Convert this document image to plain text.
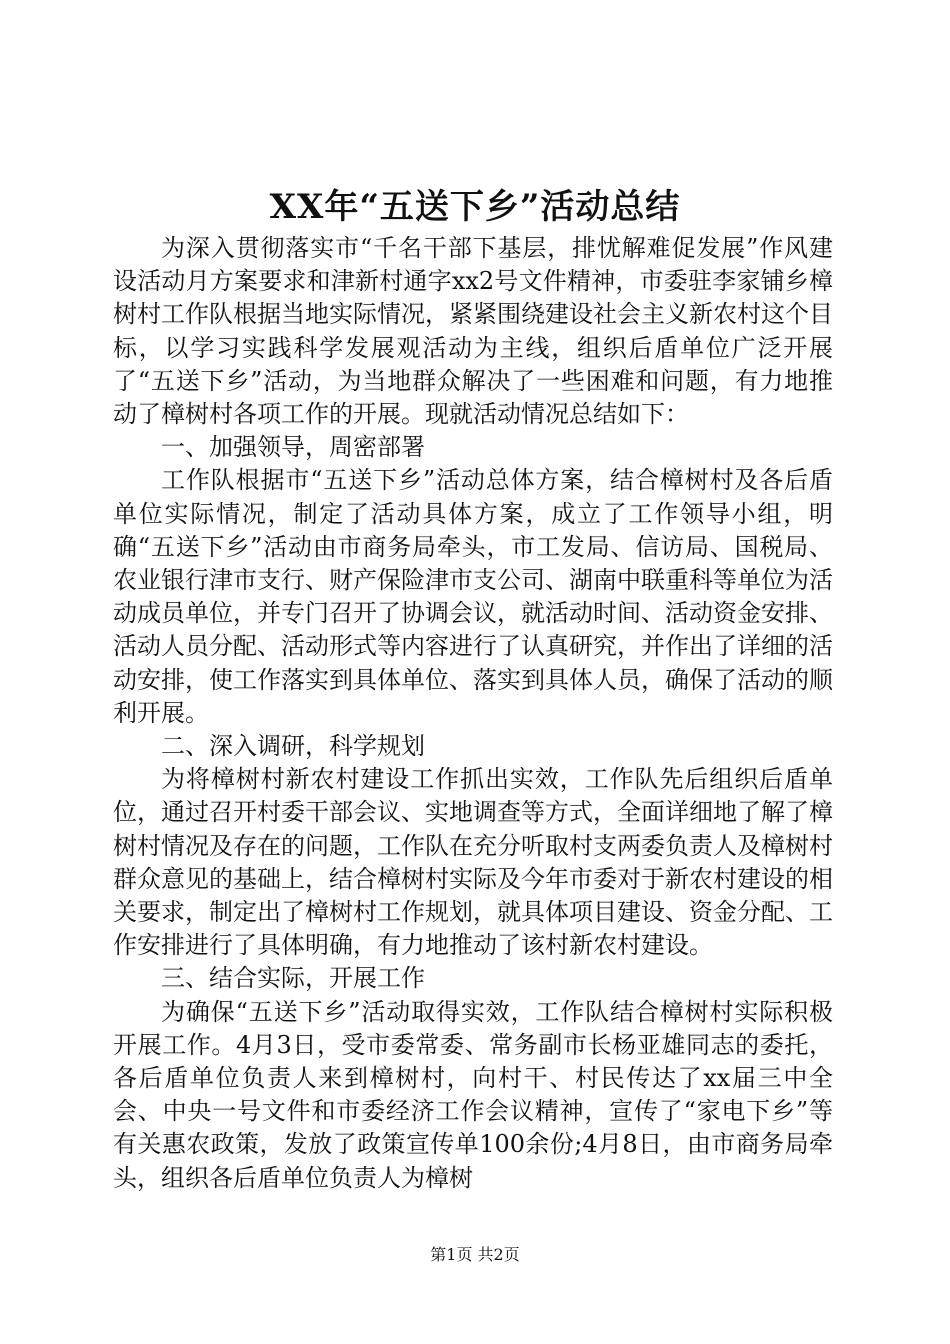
XX年“五送下乡”活动总结

为深入贯彻落实市“千名干部下基层，排忧解难促发展”作风建设活动月方案要求和津新村通字xx2号文件精神，市委驻李家铺乡樟树村工作队根据当地实际情况，紧紧围绕建设社会主义新农村这个目标，以学习实践科学发展观活动为主线，组织后盾单位广泛开展了“五送下乡”活动，为当地群众解决了一些困难和问题，有力地推动了樟树村各项工作的开展。现就活动情况总结如下：

一、加强领导，周密部署

工作队根据市“五送下乡”活动总体方案，结合樟树村及各后盾单位实际情况，制定了活动具体方案，成立了工作领导小组，明确“五送下乡”活动由市商务局牵头，市工发局、信访局、国税局、农业银行津市支行、财产保险津市支公司、湖南中联重科等单位为活动成员单位，并专门召开了协调会议，就活动时间、活动资金安排、活动人员分配、活动形式等内容进行了认真研究，并作出了详细的活动安排，使工作落实到具体单位、落实到具体人员，确保了活动的顺利开展。

二、深入调研，科学规划

为将樟树村新农村建设工作抓出实效，工作队先后组织后盾单位，通过召开村委干部会议、实地调查等方式，全面详细地了解了樟树村情况及存在的问题，工作队在充分听取村支两委负责人及樟树村群众意见的基础上，结合樟树村实际及今年市委对于新农村建设的相关要求，制定出了樟树村工作规划，就具体项目建设、资金分配、工作安排进行了具体明确，有力地推动了该村新农村建设。

三、结合实际，开展工作

为确保“五送下乡”活动取得实效，工作队结合樟树村实际积极开展工作。4月3日，受市委常委、常务副市长杨亚雄同志的委托，各后盾单位负责人来到樟树村，向村干、村民传达了xx届三中全会、中央一号文件和市委经济工作会议精神，宣传了“家电下乡”等有关惠农政策，发放了政策宣传单100余份;4月8日，由市商务局牵头，组织各后盾单位负责人为樟树

第1页 共2页
